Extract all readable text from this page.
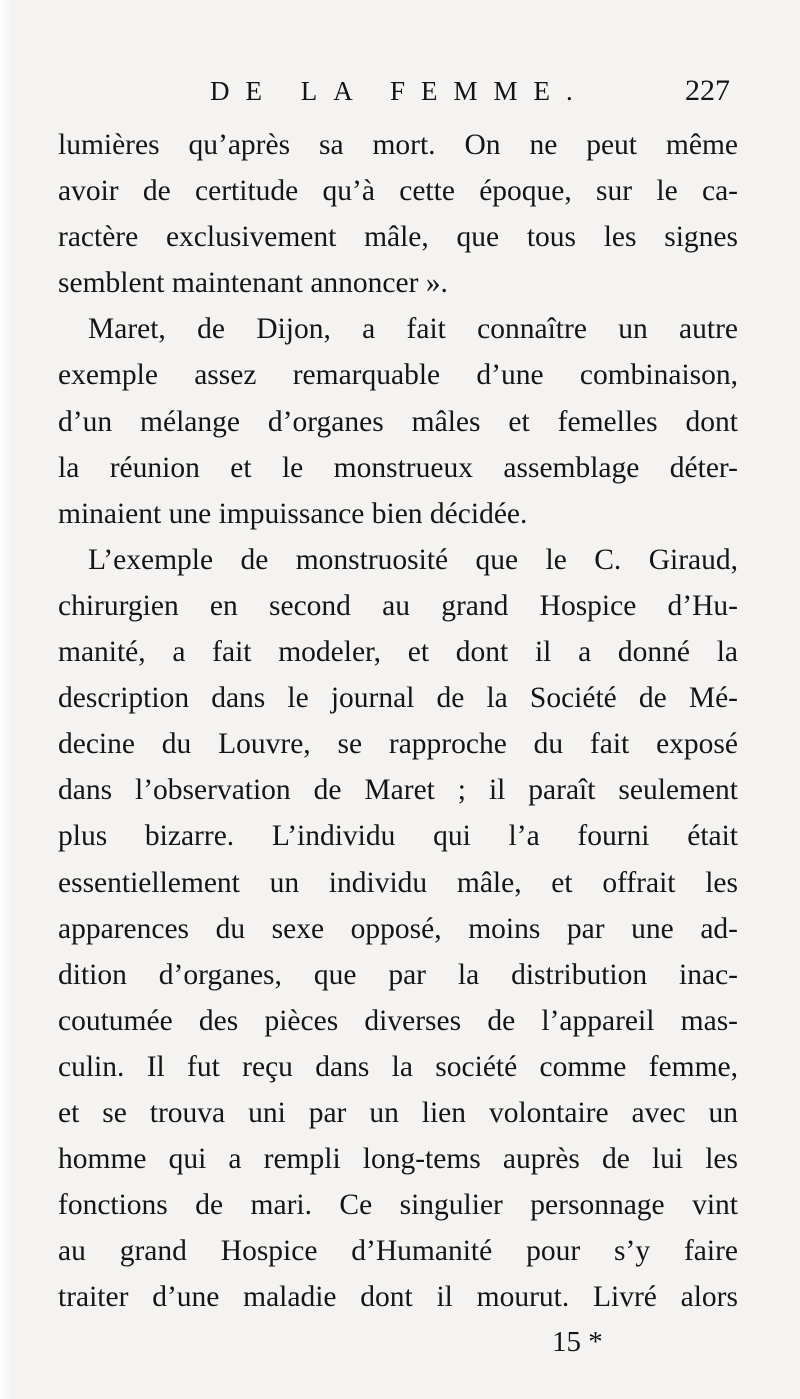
DE LA FEMME.	227
lumières qu’après sa mort. On ne peut même
avoir de certitude qu’à cette époque, sur le ca-
ractère exclusivement mâle, que tous les signes
semblent maintenant annoncer ».
Maret, de Dijon, a fait connaître un autre
exemple assez remarquable d’une combinaison,
d’un mélange d’organes mâles et femelles dont
la réunion et le monstrueux assemblage déter-
minaient une impuissance bien décidée.
L’exemple de monstruosité que le C. Giraud,
chirurgien en second au grand Hospice d’Hu-
manité, a fait modeler, et dont il a donné la
description dans le journal de la Société de Mé-
decine du Louvre, se rapproche du fait exposé
dans l’observation de Maret ; il paraît seulement
plus bizarre. L’individu qui l’a fourni était
essentiellement un individu mâle, et offrait les
apparences du sexe opposé, moins par une ad-
dition d’organes, que par la distribution inac-
coutumée des pièces diverses de l’appareil mas-
culin. Il fut reçu dans la société comme femme,
et se trouva uni par un lien volontaire avec un
homme qui a rempli long-tems auprès de lui les
fonctions de mari. Ce singulier personnage vint
au grand Hospice d’Humanité pour s’y faire
traiter d’une maladie dont il mourut. Livré alors
15 *
